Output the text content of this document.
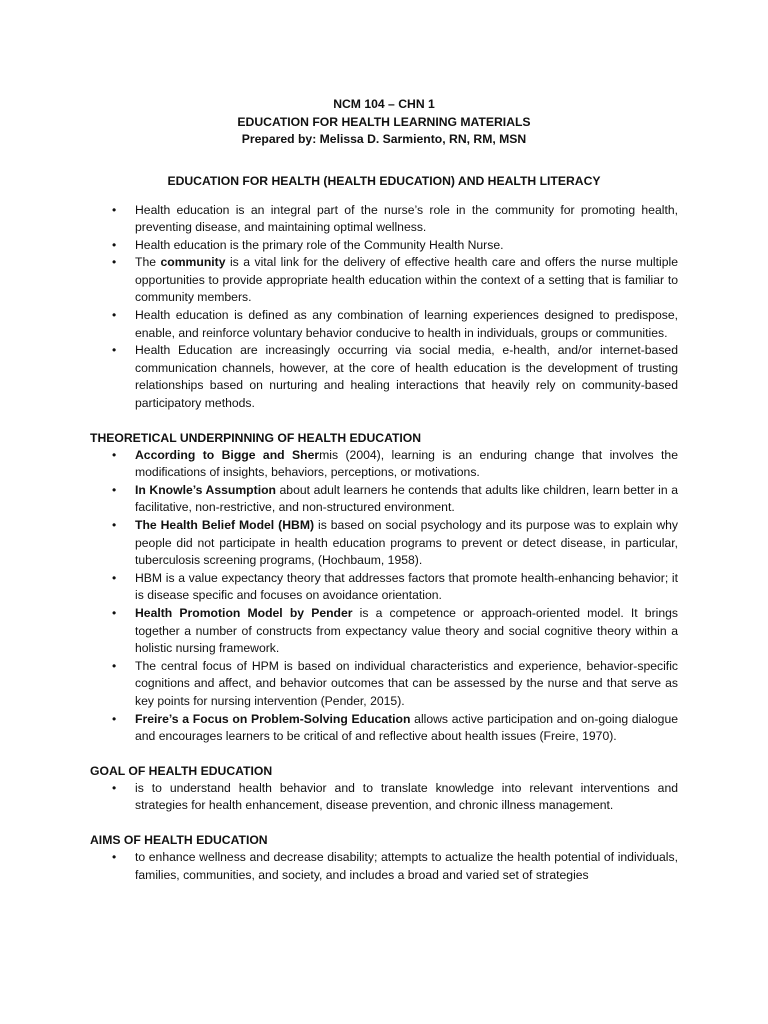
NCM 104 – CHN 1
EDUCATION FOR HEALTH LEARNING MATERIALS
Prepared by: Melissa D. Sarmiento, RN, RM, MSN
EDUCATION FOR HEALTH (HEALTH EDUCATION) AND HEALTH LITERACY
• Health education is an integral part of the nurse’s role in the community for promoting health, preventing disease, and maintaining optimal wellness.
• Health education is the primary role of the Community Health Nurse.
• The community is a vital link for the delivery of effective health care and offers the nurse multiple opportunities to provide appropriate health education within the context of a setting that is familiar to community members.
• Health education is defined as any combination of learning experiences designed to predispose, enable, and reinforce voluntary behavior conducive to health in individuals, groups or communities.
• Health Education are increasingly occurring via social media, e-health, and/or internet-based communication channels, however, at the core of health education is the development of trusting relationships based on nurturing and healing interactions that heavily rely on community-based participatory methods.
THEORETICAL UNDERPINNING OF HEALTH EDUCATION
• According to Bigge and Shermis (2004), learning is an enduring change that involves the modifications of insights, behaviors, perceptions, or motivations.
• In Knowle’s Assumption about adult learners he contends that adults like children, learn better in a facilitative, non-restrictive, and non-structured environment.
• The Health Belief Model (HBM) is based on social psychology and its purpose was to explain why people did not participate in health education programs to prevent or detect disease, in particular, tuberculosis screening programs, (Hochbaum, 1958).
• HBM is a value expectancy theory that addresses factors that promote health-enhancing behavior; it is disease specific and focuses on avoidance orientation.
• Health Promotion Model by Pender is a competence or approach-oriented model. It brings together a number of constructs from expectancy value theory and social cognitive theory within a holistic nursing framework.
• The central focus of HPM is based on individual characteristics and experience, behavior-specific cognitions and affect, and behavior outcomes that can be assessed by the nurse and that serve as key points for nursing intervention (Pender, 2015).
• Freire’s a Focus on Problem-Solving Education allows active participation and on-going dialogue and encourages learners to be critical of and reflective about health issues (Freire, 1970).
GOAL OF HEALTH EDUCATION
• is to understand health behavior and to translate knowledge into relevant interventions and strategies for health enhancement, disease prevention, and chronic illness management.
AIMS OF HEALTH EDUCATION
• to enhance wellness and decrease disability; attempts to actualize the health potential of individuals, families, communities, and society, and includes a broad and varied set of strategies
